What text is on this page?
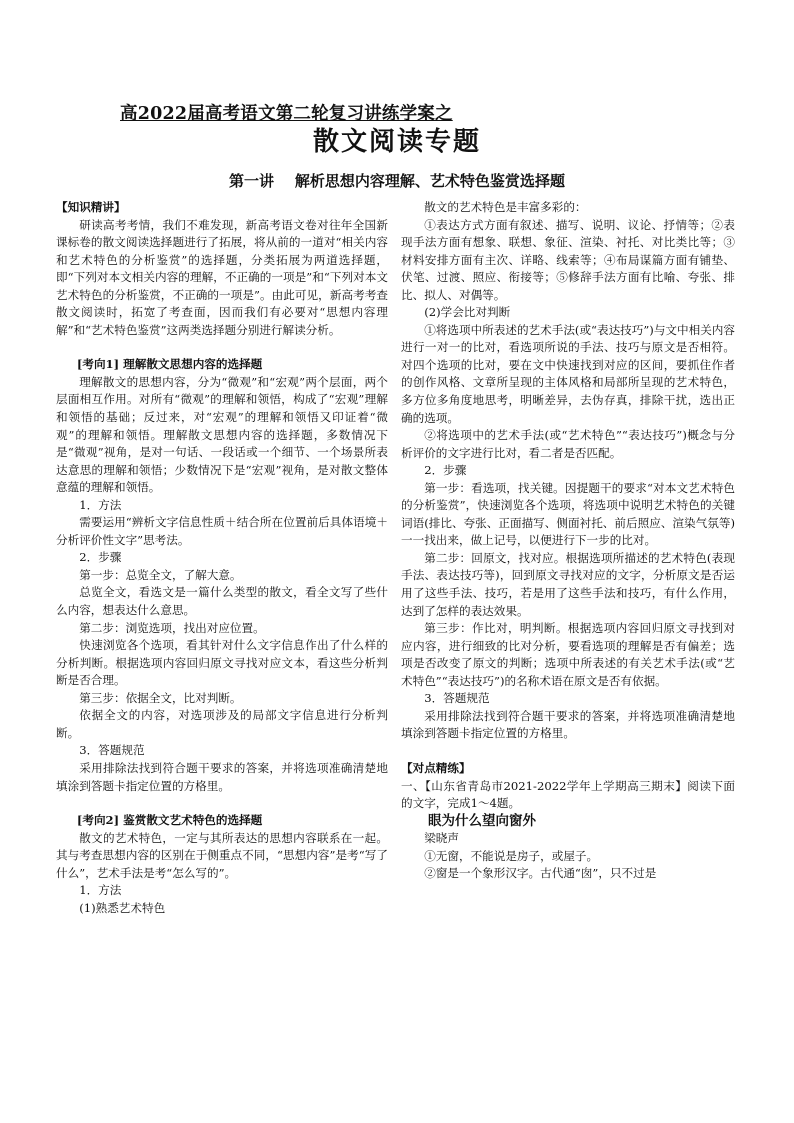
高2022届高考语文第二轮复习讲练学案之
散文阅读专题
第一讲    解析思想内容理解、艺术特色鉴赏选择题

【知识精讲】

研读高考考情，我们不难发现，新高考语文卷对往年全国新课标卷的散文阅读选择题进行了拓展，将从前的一道对“相关内容和艺术特色的分析鉴赏”的选择题，分类拓展为两道选择题，即“下列对本文相关内容的理解，不正确的一项是”和“下列对本文艺术特色的分析鉴赏，不正确的一项是”。由此可见，新高考考查散文阅读时，拓宽了考查面，因而我们有必要对“思想内容理解”和“艺术特色鉴赏”这两类选择题分别进行解读分析。

[考向1] 理解散文思想内容的选择题

理解散文的思想内容，分为“微观”和“宏观”两个层面，两个层面相互作用。对所有“微观”的理解和领悟，构成了“宏观”理解和领悟的基础；反过来，对“宏观”的理解和领悟又印证着“微观”的理解和领悟。理解散文思想内容的选择题，多数情况下是“微观”视角，是对一句话、一段话或一个细节、一个场景所表达意思的理解和领悟；少数情况下是“宏观”视角，是对散文整体意蕴的理解和领悟。

1．方法

需要运用“辨析文字信息性质＋结合所在位置前后具体语境＋分析评价性文字”思考法。

2．步骤

第一步：总览全文，了解大意。

总览全文，看选文是一篇什么类型的散文，看全文写了些什么内容，想表达什么意思。

第二步：浏览选项，找出对应位置。

快速浏览各个选项，看其针对什么文字信息作出了什么样的分析判断。根据选项内容回归原文寻找对应文本，看这些分析判断是否合理。

第三步：依据全文，比对判断。

依据全文的内容，对选项涉及的局部文字信息进行分析判断。

3．答题规范

采用排除法找到符合题干要求的答案，并将选项准确清楚地填涂到答题卡指定位置的方格里。

[考向2] 鉴赏散文艺术特色的选择题

散文的艺术特色，一定与其所表达的思想内容联系在一起。其与考查思想内容的区别在于侧重点不同，“思想内容”是考“写了什么”，艺术手法是考“怎么写的”。

1．方法

(1)熟悉艺术特色

散文的艺术特色是丰富多彩的：

①表达方式方面有叙述、描写、说明、议论、抒情等；②表现手法方面有想象、联想、象征、渲染、衬托、对比类比等；③材料安排方面有主次、详略、线索等；④布局谋篇方面有铺垫、伏笔、过渡、照应、衔接等；⑤修辞手法方面有比喻、夸张、排比、拟人、对偶等。

(2)学会比对判断

①将选项中所表述的艺术手法(或“表达技巧”)与文中相关内容进行一对一的比对，看选项所说的手法、技巧与原文是否相符。对四个选项的比对，要在文中快速找到对应的区间，要抓住作者的创作风格、文章所呈现的主体风格和局部所呈现的艺术特色，多方位多角度地思考，明晰差异，去伪存真，排除干扰，选出正确的选项。

②将选项中的艺术手法(或“艺术特色”“表达技巧”)概念与分析评价的文字进行比对，看二者是否匹配。

2．步骤

第一步：看选项，找关键。因提题干的要求“对本文艺术特色的分析鉴赏”，快速浏览各个选项，将选项中说明艺术特色的关键词语(排比、夸张、正面描写、侧面衬托、前后照应、渲染气氛等)一一找出来，做上记号，以便进行下一步的比对。

第二步：回原文，找对应。根据选项所描述的艺术特色(表现手法、表达技巧等)，回到原文寻找对应的文字，分析原文是否运用了这些手法、技巧，若是用了这些手法和技巧，有什么作用，达到了怎样的表达效果。

第三步：作比对，明判断。根据选项内容回归原文寻找到对应内容，进行细致的比对分析，要看选项的理解是否有偏差；选项是否改变了原文的判断；选项中所表述的有关艺术手法(或“艺术特色”“表达技巧”)的名称术语在原文是否有依据。

3．答题规范

采用排除法找到符合题干要求的答案，并将选项准确清楚地填涂到答题卡指定位置的方格里。

【对点精练】

一、【山东省青岛市2021-2022学年上学期高三期末】阅读下面的文字，完成1～4题。

眼为什么望向窗外

梁晓声

①无窗，不能说是房子，或屋子。

②窗是一个象形汉字。古代通“囱”，只不过是
